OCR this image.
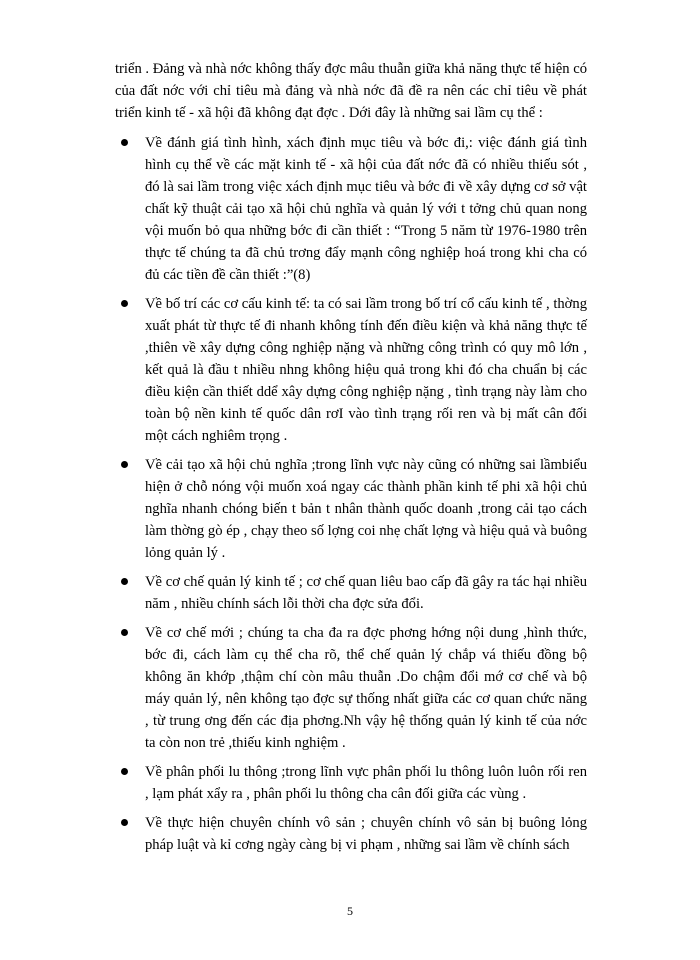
triển . Đảng và nhà nớc không thấy đợc mâu thuẫn giữa khả năng thực tế hiện có của đất nớc với chỉ tiêu mà đảng và nhà nớc đã đề ra nên các chỉ tiêu về phát triển kinh tế - xã hội đã không đạt đợc . Dới đây là những sai lầm cụ thể :

Về đánh giá tình hình, xách định mục tiêu và bớc đi,: việc đánh giá tình hình cụ thể về các mặt kinh tế - xã hội của đất nớc đã có nhiều thiếu sót , đó là sai lầm trong việc xách định mục tiêu và bớc đi về xây dựng cơ sở vật chất kỹ thuật cải tạo xã hội chủ nghĩa và quản lý với t tởng chủ quan nong vội muốn bỏ qua những bớc đi cần thiết : “Trong 5 năm từ 1976-1980 trên thực tế chúng ta đã chủ trơng đẩy mạnh công nghiệp hoá trong khi cha có đủ các tiền đề cần thiết :”(8)
Về bố trí các cơ cấu kinh tế: ta có sai lầm trong bố trí cổ cấu kinh tế , thờng xuất phát từ thực tế đi nhanh không tính đến điều kiện và khả năng thực tế ,thiên về xây dựng công nghiệp nặng và những công trình có quy mô lớn , kết quả là đầu t nhiều nhng không hiệu quả trong khi đó cha chuẩn bị các điều kiện cần thiết ddể xây dựng công nghiệp nặng , tình trạng này làm cho toàn bộ nền kinh tế quốc dân rơI vào tình trạng rối ren và bị mất cân đối một cách nghiêm trọng .
Về cải tạo xã hội chủ nghĩa ;trong lĩnh vực này cũng có những sai lầmbiểu hiện ở chỗ nóng vội muốn xoá ngay các thành phần kinh tế phi xã hội chủ nghĩa nhanh chóng biến t bản t nhân thành quốc doanh ,trong cải tạo cách làm thờng gò ép , chạy theo số lợng coi nhẹ chất lợng và hiệu quả và buông lỏng quản lý .
Về cơ chế quản lý kinh tế ; cơ chế quan liêu bao cấp đã gây ra tác hại nhiều năm , nhiều chính sách lỗi thời cha đợc sửa đổi.
Về cơ chế mới ; chúng ta cha đa ra đợc phơng hớng nội dung ,hình thức, bớc đi, cách làm cụ thể cha rõ, thể chế quản lý chắp vá thiếu đồng bộ không ăn khớp ,thậm chí còn mâu thuẫn .Do chậm đổi mớ cơ chế và bộ máy quản lý, nên không tạo đợc sự thống nhất giữa các cơ quan chức năng , từ trung ơng đến các địa phơng.Nh vậy hệ thống quản lý kinh tế của nớc ta còn non trẻ ,thiếu kinh nghiệm .
Về phân phối lu thông ;trong lĩnh vực phân phối lu thông luôn luôn rối ren , lạm phát xẩy ra , phân phối lu thông cha cân đối giữa các vùng .
Về thực hiện chuyên chính vô sản ; chuyên chính vô sản bị buông lỏng pháp luật và kỉ cơng ngày càng bị vi phạm , những sai lầm về chính sách
5
